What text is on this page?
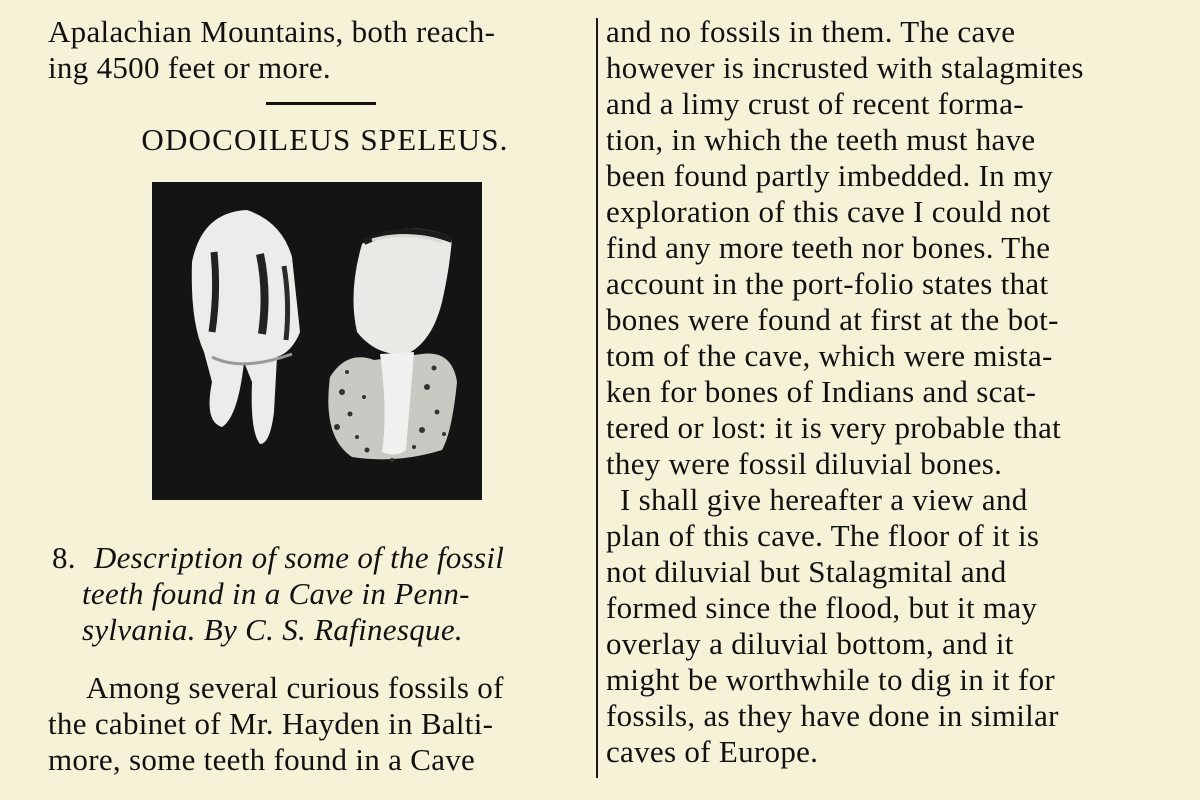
Apalachian Mountains, both reach-
ing 4500 feet or more.
ODOCOILEUS SPELEUS.
8. Description of some of the fossil
teeth found in a Cave in Penn-
sylvania. By C. S. Rafinesque.
Among several curious fossils of
the cabinet of Mr. Hayden in Balti-
more, some teeth found in a Cave
and no fossils in them. The cave
however is incrusted with stalagmites
and a limy crust of recent forma-
tion, in which the teeth must have
been found partly imbedded. In my
exploration of this cave I could not
find any more teeth nor bones. The
account in the port-folio states that
bones were found at first at the bot-
tom of the cave, which were mista-
ken for bones of Indians and scat-
tered or lost: it is very probable that
they were fossil diluvial bones.
I shall give hereafter a view and
plan of this cave. The floor of it is
not diluvial but Stalagmital and
formed since the flood, but it may
overlay a diluvial bottom, and it
might be worthwhile to dig in it for
fossils, as they have done in similar
caves of Europe.
